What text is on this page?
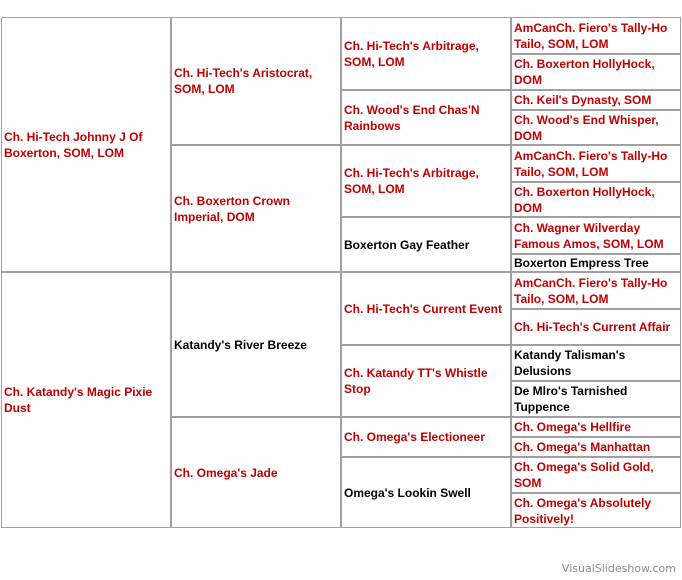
Ch. Hi-Tech Johnny J Of Boxerton, SOM, LOM
Ch. Katandy's Magic Pixie Dust
Ch. Hi-Tech's Aristocrat, SOM, LOM
Ch. Boxerton Crown Imperial, DOM
Katandy's River Breeze
Ch. Omega's Jade
Ch. Hi-Tech's Arbitrage, SOM, LOM
Ch. Wood's End Chas'N Rainbows
Ch. Hi-Tech's Arbitrage, SOM, LOM
Boxerton Gay Feather
Ch. Hi-Tech's Current Event
Ch. Katandy TT's Whistle Stop
Ch. Omega's Electioneer
Omega's Lookin Swell
AmCanCh. Fiero's Tally-Ho Tailo, SOM, LOM
Ch. Boxerton HollyHock, DOM
Ch. Keil's Dynasty, SOM
Ch. Wood's End Whisper, DOM
AmCanCh. Fiero's Tally-Ho Tailo, SOM, LOM
Ch. Boxerton HollyHock, DOM
Ch. Wagner Wilverday Famous Amos, SOM, LOM
Boxerton Empress Tree
AmCanCh. Fiero's Tally-Ho Tailo, SOM, LOM
Ch. Hi-Tech's Current Affair
Katandy Talisman's Delusions
De Mlro's Tarnished Tuppence
Ch. Omega's Hellfire
Ch. Omega's Manhattan
Ch. Omega's Solid Gold, SOM
Ch. Omega's Absolutely Positively!
VisualSlideshow.com
